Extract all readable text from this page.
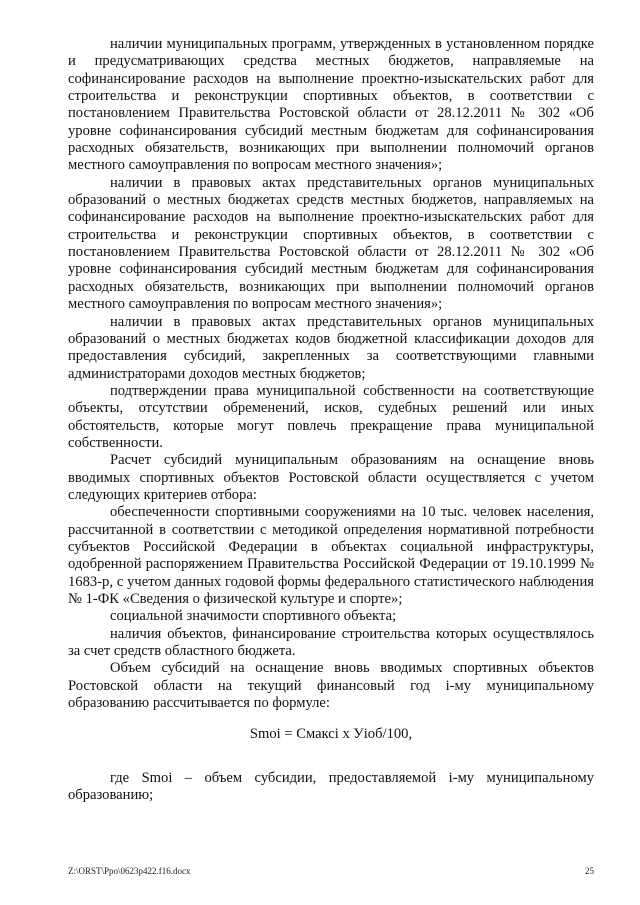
наличии муниципальных программ, утвержденных в установленном порядке и предусматривающих средства местных бюджетов, направляемые на софинансирование расходов на выполнение проектно-изыскательских работ для строительства и реконструкции спортивных объектов, в соответствии с постановлением Правительства Ростовской области от 28.12.2011 № 302 «Об уровне софинансирования субсидий местным бюджетам для софинансирования расходных обязательств, возникающих при выполнении полномочий органов местного самоуправления по вопросам местного значения»;

наличии в правовых актах представительных органов муниципальных образований о местных бюджетах средств местных бюджетов, направляемых на софинансирование расходов на выполнение проектно-изыскательских работ для строительства и реконструкции спортивных объектов, в соответствии с постановлением Правительства Ростовской области от 28.12.2011 № 302 «Об уровне софинансирования субсидий местным бюджетам для софинансирования расходных обязательств, возникающих при выполнении полномочий органов местного самоуправления по вопросам местного значения»;

наличии в правовых актах представительных органов муниципальных образований о местных бюджетах кодов бюджетной классификации доходов для предоставления субсидий, закрепленных за соответствующими главными администраторами доходов местных бюджетов;

подтверждении права муниципальной собственности на соответствующие объекты, отсутствии обременений, исков, судебных решений или иных обстоятельств, которые могут повлечь прекращение права муниципальной собственности.

Расчет субсидий муниципальным образованиям на оснащение вновь вводимых спортивных объектов Ростовской области осуществляется с учетом следующих критериев отбора:

обеспеченности спортивными сооружениями на 10 тыс. человек населения, рассчитанной в соответствии с методикой определения нормативной потребности субъектов Российской Федерации в объектах социальной инфраструктуры, одобренной распоряжением Правительства Российской Федерации от 19.10.1999 № 1683-р, с учетом данных годовой формы федерального статистического наблюдения № 1-ФК «Сведения о физической культуре и спорте»;

социальной значимости спортивного объекта;

наличия объектов, финансирование строительства которых осуществлялось за счет средств областного бюджета.

Объем субсидий на оснащение вновь вводимых спортивных объектов Ростовской области на текущий финансовый год i-му муниципальному образованию рассчитывается по формуле:

Smoi = Смаксi х Уioб/100,

где Smoi – объем субсидии, предоставляемой i-му муниципальному образованию;

Z:\ORST\Ppo\0623p422.f16.docx	25
